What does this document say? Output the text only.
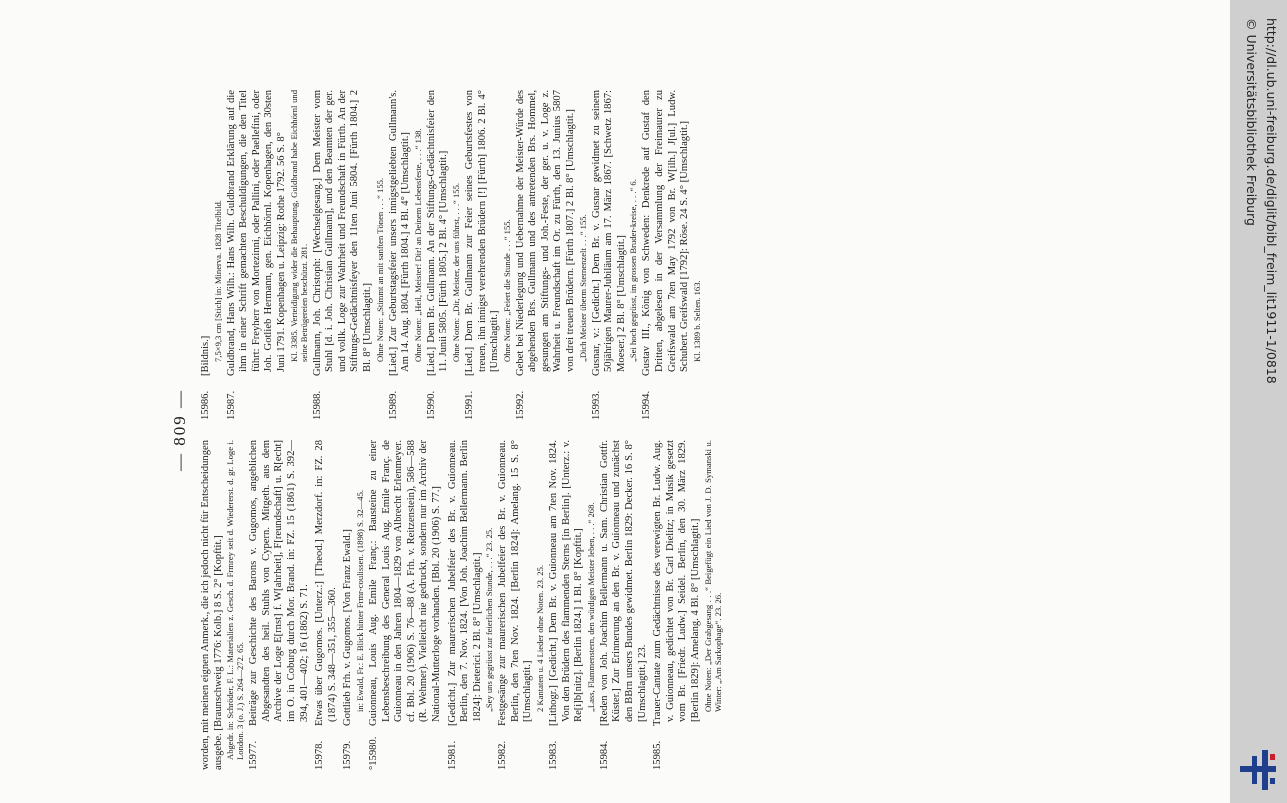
— 809 —
worden, mit meinen eignen Anmerk., die ich jedoch nicht für Entscheidungen ausgebe. [Braunschweig 1776: Kolb.] 8 S. 2° [Kopftit.] Abgedr. in: Schröder, F. L.: Materialien z. Gesch. d. Frmrey seit d. Wiedererst. d. gr. Loge i. London. 3 (o. J.) S. 264—272. 65. 15977.Beiträge zur Geschichte des Barons v. Gugomos, angeblichen Abgesandten des heil. Stuhls von Cypern. Mitgeth. aus dem Archive der Loge E[rnst] f. W[ahrheit], F[reundschaft] u. R[echt] im O. in Coburg durch Mor. Brand. in: FZ. 15 (1861) S. 392—394, 401—402; 16 (1862) S. 71.
15978.Etwas über Gugomos. [Unterz.:] [Theod.] Merzdorf. in: FZ. 28 (1874) S. 348—351, 355—360.
15979.Gottlieb Frh. v. Gugomos. [Von Franz Ewald.] in: Ewald, Fr.: E. Blick hinter Frmr-coulissen. (1898) S. 32—45.
°15980.Guionneau, Louis Aug. Emile Franç.: Bausteine zu einer Lebensbeschreibung des General Louis Aug. Emile Franç. de Guionneau in den Jahren 1804—1829 von Albrecht Erlenmeyer. cf. Bbl. 20 (1906) S. 76—88 (A. Frh. v. Reitzenstein), 586—588 (R. Wehmer). Vielleicht nie gedruckt, sondern nur im Archiv der National-Mutterloge vorhanden. [Bbl. 20 (1906) S. 77.]
15981.[Gedicht.] Zur maurerischen Jubelfeier des Br. v. Guionneau. Berlin, den 7. Nov. 1824. [Von Joh. Joachim Bellermann. Berlin 1824]: Dieterici. 2 Bl. 8° [Umschlagtit.] „Sey uns gegrüsst zur feierlichen Stunde, . . .“ 23. 25.
15982.Festgesänge zur maurerischen Jubelfeier des Br. v. Guionneau. Berlin, den 7ten Nov. 1824. [Berlin 1824]: Amelang. 15 S. 8° [Umschlagtit.] 2 Kantaten u. 4 Lieder ohne Noten. 23. 25.
15983.[Lithogr.] [Gedicht.] Dem Br. v. Guionneau am 7ten Nov. 1824. Von den Brüdern des flammenden Sterns [in Berlin]. [Unterz.: v. Re[i]b[nitz]. [Berlin 1824.] 1 Bl. 8° [Kopftit.] „Lass, Flammenstern, den würdigen Meister leben, . . .“ 268.
15984.[Reden von Joh. Joachim Bellermann u. Sam. Christian Gottfr. Küster.] Zur Erinnerung an den Br. v. Guionneau und zunächst den BBrn unsers Bundes gewidmet. Berlin 1829: Decker. 16 S. 8° [Umschlagtit.] 23.
15985.Trauer-Cantate zum Gedächtnisse des verewigten Br. Ludw. Aug. v. Guionneau, gedichtet von Br. Carl Dielitz; in Musik gesetzt vom Br. [Friedr. Ludw.] Seidel. Berlin, den 30. März 1829. [Berlin 1829]: Amelang. 4 Bl. 8° [Umschlagtit.] Ohne Noten: „Der Grabgesang . . .“ Beigefügt ein Lied von J. D. Symanski u. Winter: „Am Sarkophage“. 23. 26.
15986.[Bildnis.] 7,5×9,3 cm [Stich] in: Minerva. 1828 Titelbild.
15987.Guldbrand, Hans Wilh.: Hans Wilh. Guldbrand Erklärung auf die ihm in einer Schrift gemachten Beschuldigungen, die den Titel führt: Freyherr von Mortezinni, oder Pallini, oder Paellefini, oder Joh. Gotlieb Hermann, gen. Eichhörnl. Kopenhagen, den 30sten Juni 1791. Kopenhagen u. Leipzig: Rothe 1792. 56 S. 8° Kl. 3385. Verteidigung wider die Behauptung, Guldbrand habe Eichhörnl und seine Betrügereien beschützt. 281.
15988.Gullmann, Joh. Christoph: [Wechselgesang.] Dem Meister vom Stuhl [d. i. Joh. Christian Gullmann], und den Beamten der ger. und vollk. Loge zur Wahrheit und Freundschaft in Fürth. An der Stiftungs-Gedächtnisfeyer den 11ten Juni 5804. [Fürth 1804.] 2 Bl. 8° [Umschlagtit.] Ohne Noten: „Stimmt an mit sanften Tönen . . .“ 155.
15989.[Lied.] Zur Geburtstagsfeier unsers innigstgeliebten Gullmann's. Am 14. Aug. 1804. [Fürth 1804.] 4 Bl. 4° [Umschlagtit.] Ohne Noten: „Heil, Meister! Dir! an Deinem Lebensfeste, . . .“ 138.
15990.[Lied.] Dem Br. Gullmann. An der Stiftungs-Gedächtnisfeier den 11. Junii 5805. [Fürth 1805.] 2 Bl. 4° [Umschlagtit.] Ohne Noten: „Dir, Meister, der uns führst, . . .“ 155.
15991.[Lied.] Dem Br. Gullmann zur Feier seines Geburtsfestes von treuen, ihn innigst verehrenden Brüdern [!] [Fürth] 1806. 2 Bl. 4° [Umschlagtit.] Ohne Noten: „Feiert die Stunde . . .“ 155.
15992.Gebet bei Niederlegung und Uebernahme der Meister-Würde des abgehenden Brs. Gullmann und des antretenden Brs. Hommel, gesungen am Stiftungs- und Joh.-Feste, der ger. u. v. Loge z. Wahrheit u. Freundschaft im Or. zu Fürth, den 13. Junius 5807 von drei treuen Brüdern. [Fürth 1807.] 2 Bl. 8° [Umschlagtit.] „Dich Meister überm Sternenzelt . . .“ 155.
15993.Gusnar, v.: [Gedicht.] Dem Br. v. Gusnar gewidmet zu seinem 50jährigen Maurer-Jubiläum am 17. März 1867. [Schwetz 1867: Moeser.] 2 Bl. 8° [Umschlagtit.] „Sei hoch gegrüsst, im grossen Bruder-kreise, . . .“ 6.
15994.Gustav III., König von Schweden: Denkrede auf Gustaf den Dritten, abgelesen in der Versammlung der Freimaurer zu Greifswald am 7ten May 1792 von Br. W[ilh.] J[ul.] Ludw. Schubert. Greifswald [1792]: Röse. 24 S. 4° [Umschlagtit.] Kl. 1389 b. Selten. 163.	http://dl.ub.uni-freiburg.de/diglit/bibl_freim_lit1911-1/0818
© Universitätsbibliothek Freiburg
